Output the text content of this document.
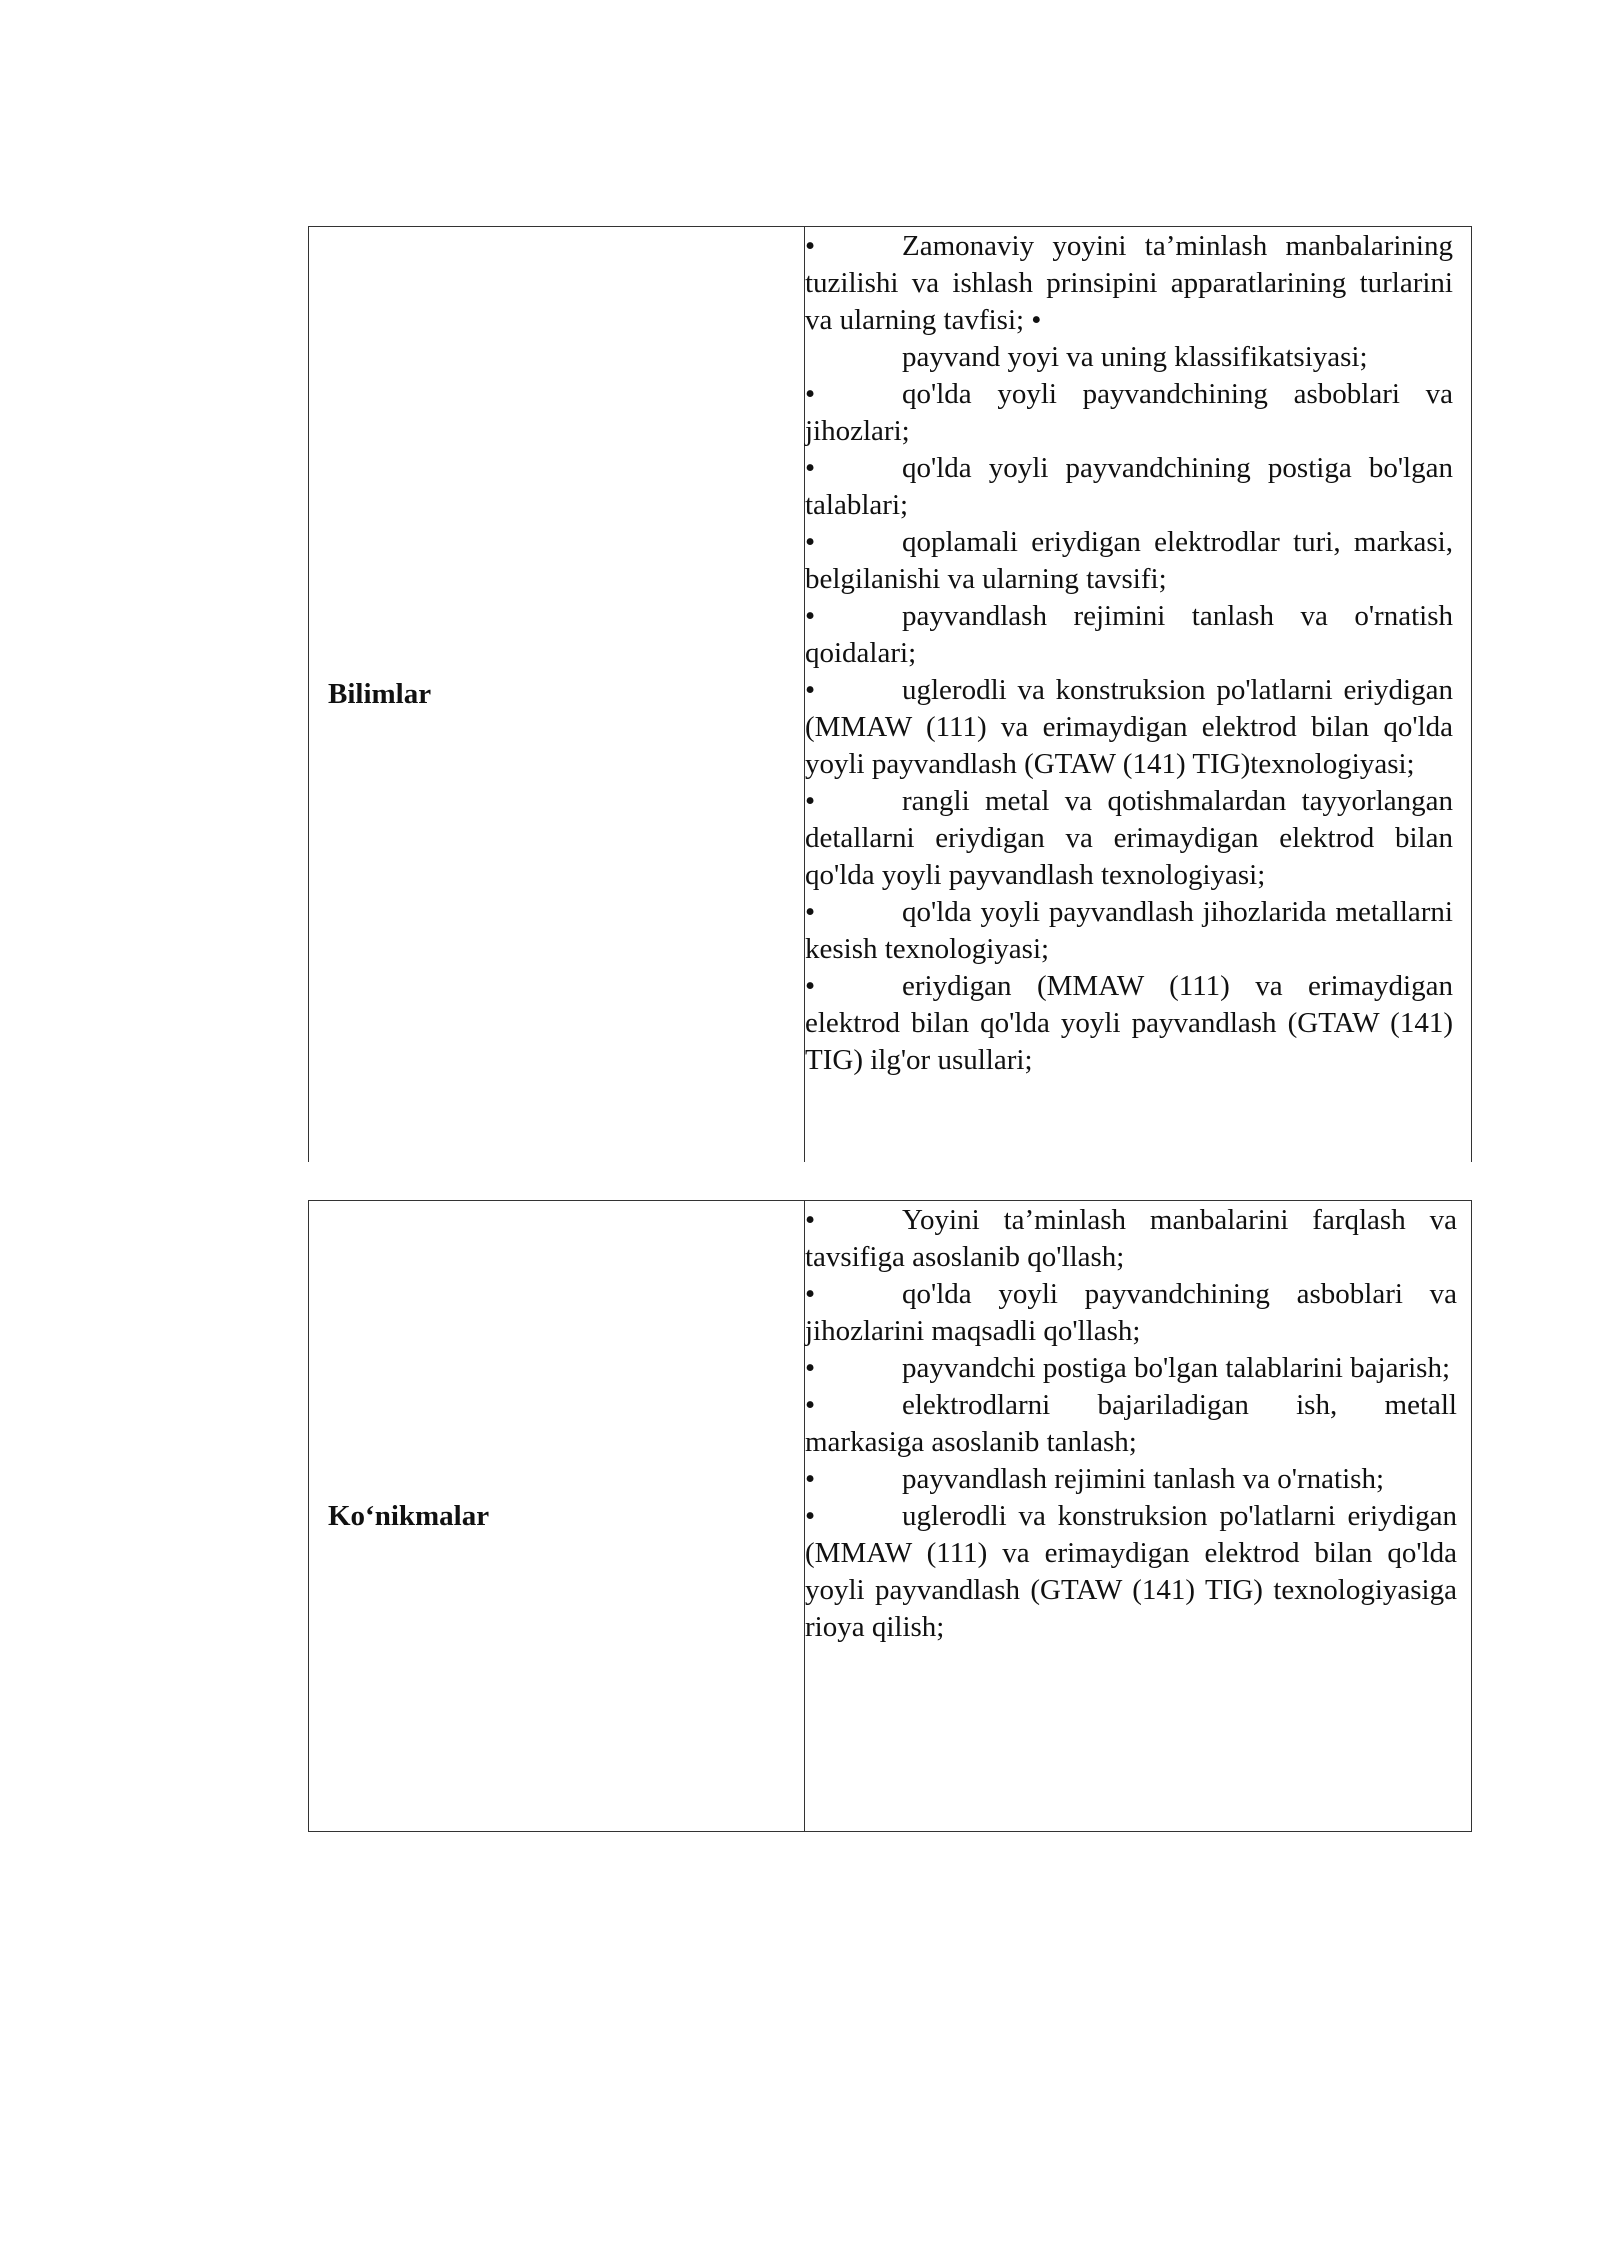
Bilimlar
•	Zamonaviy yoyini ta’minlash manbalarining tuzilishi va ishlash prinsipini apparatlarining turlarini va ularning tavfisi; •
payvand yoyi va uning klassifikatsiyasi;
•	qo'lda yoyli payvandchining asboblari va jihozlari;
•	qo'lda yoyli payvandchining postiga bo'lgan talablari;
•	qoplamali eriydigan elektrodlar turi, markasi, belgilanishi va ularning tavsifi;
•	payvandlash rejimini tanlash va o'rnatish qoidalari;
•	uglerodli va konstruksion po'latlarni eriydigan (MMAW (111) va erimaydigan elektrod bilan qo'lda yoyli payvandlash (GTAW (141) TIG)texnologiyasi;
•	rangli metal va qotishmalardan tayyorlangan detallarni eriydigan va erimaydigan elektrod bilan qo'lda yoyli payvandlash texnologiyasi;
•	qo'lda yoyli payvandlash jihozlarida metallarni kesish texnologiyasi;
•	eriydigan (MMAW (111) va erimaydigan elektrod bilan qo'lda yoyli payvandlash (GTAW (141) TIG) ilg'or usullari;
Ko‘nikmalar
•	Yoyini ta’minlash manbalarini farqlash va tavsifiga asoslanib qo'llash;
•	qo'lda yoyli payvandchining asboblari va jihozlarini maqsadli qo'llash;
•	payvandchi postiga bo'lgan talablarini bajarish;
•	elektrodlarni bajariladigan ish, metall markasiga asoslanib tanlash;
•	payvandlash rejimini tanlash va o'rnatish;
•	uglerodli va konstruksion po'latlarni eriydigan (MMAW (111) va erimaydigan elektrod bilan qo'lda yoyli payvandlash (GTAW (141) TIG) texnologiyasiga rioya qilish;
